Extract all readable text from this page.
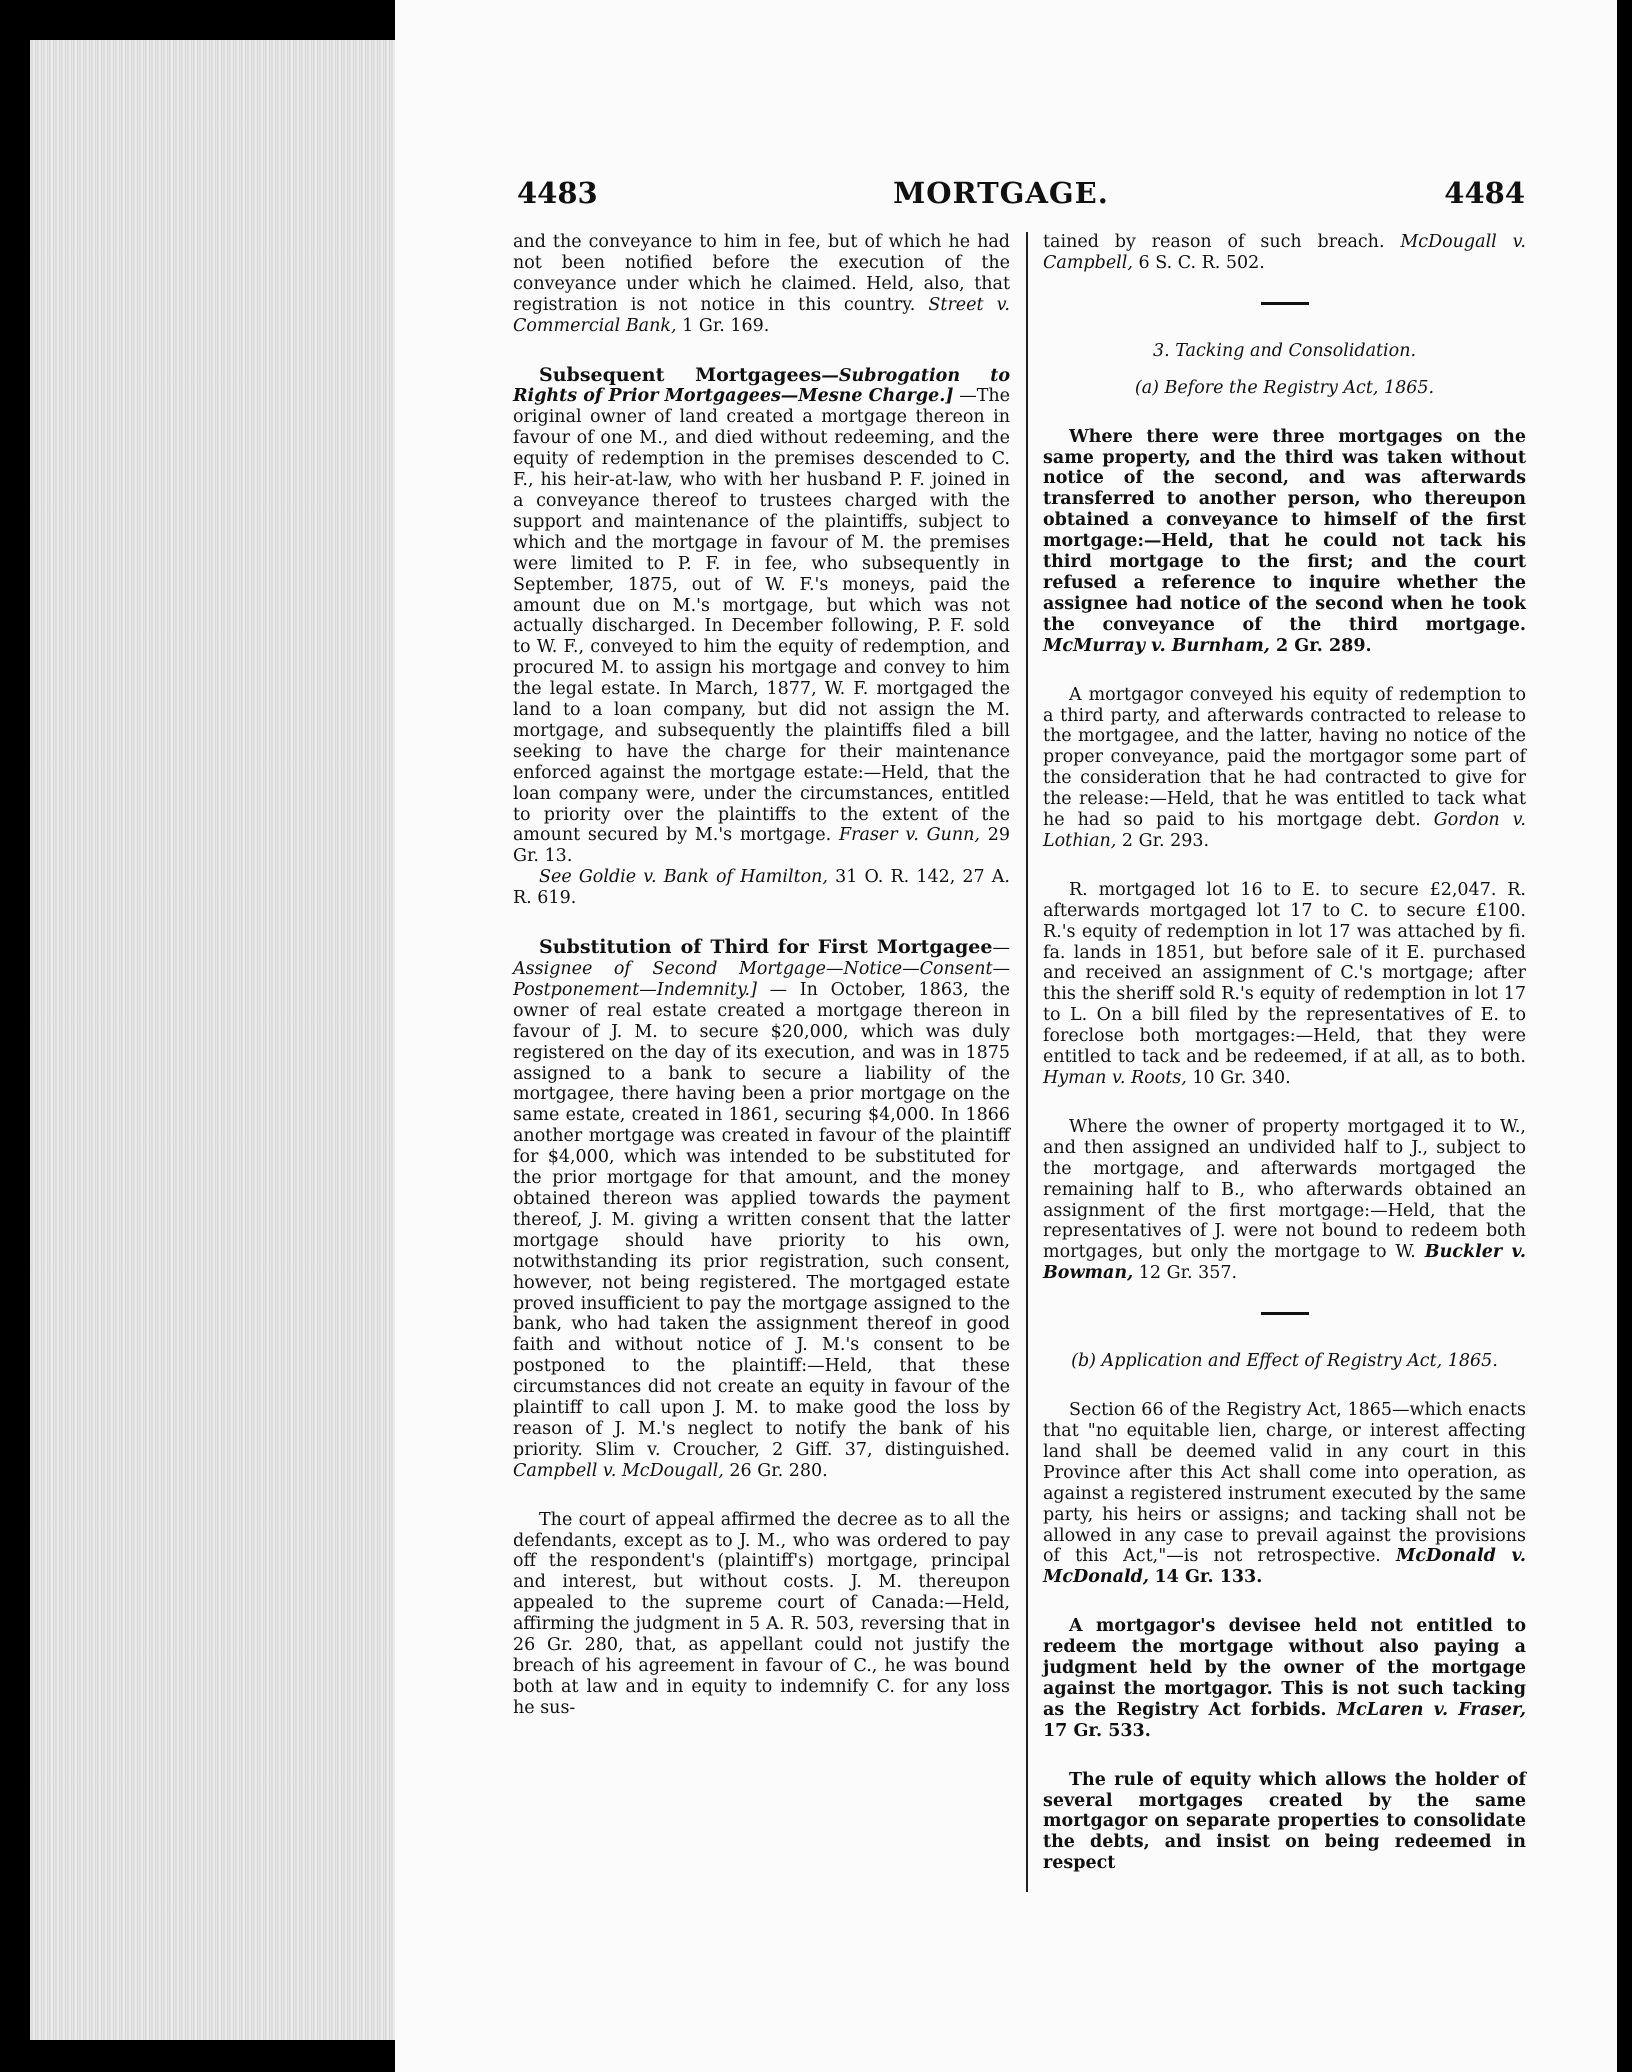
4483	MORTGAGE.	4484

and the conveyance to him in fee, but of which he had not been notified before the execution of the conveyance under which he claimed. Held, also, that registration is not notice in this country. Street v. Commercial Bank, 1 Gr. 169.

Subsequent Mortgagees—Subrogation to Rights of Prior Mortgagees—Mesne Charge.] —The original owner of land created a mortgage thereon in favour of one M., and died without redeeming, and the equity of redemption in the premises descended to C. F., his heir-at-law, who with her husband P. F. joined in a conveyance thereof to trustees charged with the support and maintenance of the plaintiffs, subject to which and the mortgage in favour of M. the premises were limited to P. F. in fee, who subsequently in September, 1875, out of W. F.'s moneys, paid the amount due on M.'s mortgage, but which was not actually discharged. In December following, P. F. sold to W. F., conveyed to him the equity of redemption, and procured M. to assign his mortgage and convey to him the legal estate. In March, 1877, W. F. mortgaged the land to a loan company, but did not assign the M. mortgage, and subsequently the plaintiffs filed a bill seeking to have the charge for their maintenance enforced against the mortgage estate:—Held, that the loan company were, under the circumstances, entitled to priority over the plaintiffs to the extent of the amount secured by M.'s mortgage. Fraser v. Gunn, 29 Gr. 13.

See Goldie v. Bank of Hamilton, 31 O. R. 142, 27 A. R. 619.

Substitution of Third for First Mortgagee—Assignee of Second Mortgage—Notice—Consent—Postponement—Indemnity.] — In October, 1863, the owner of real estate created a mortgage thereon in favour of J. M. to secure $20,000, which was duly registered on the day of its execution, and was in 1875 assigned to a bank to secure a liability of the mortgagee, there having been a prior mortgage on the same estate, created in 1861, securing $4,000. In 1866 another mortgage was created in favour of the plaintiff for $4,000, which was intended to be substituted for the prior mortgage for that amount, and the money obtained thereon was applied towards the payment thereof, J. M. giving a written consent that the latter mortgage should have priority to his own, notwithstanding its prior registration, such consent, however, not being registered. The mortgaged estate proved insufficient to pay the mortgage assigned to the bank, who had taken the assignment thereof in good faith and without notice of J. M.'s consent to be postponed to the plaintiff:—Held, that these circumstances did not create an equity in favour of the plaintiff to call upon J. M. to make good the loss by reason of J. M.'s neglect to notify the bank of his priority. Slim v. Croucher, 2 Giff. 37, distinguished. Campbell v. McDougall, 26 Gr. 280.

The court of appeal affirmed the decree as to all the defendants, except as to J. M., who was ordered to pay off the respondent's (plaintiff's) mortgage, principal and interest, but without costs. J. M. thereupon appealed to the supreme court of Canada:—Held, affirming the judgment in 5 A. R. 503, reversing that in 26 Gr. 280, that, as appellant could not justify the breach of his agreement in favour of C., he was bound both at law and in equity to indemnify C. for any loss he sus-

tained by reason of such breach. McDougall v. Campbell, 6 S. C. R. 502.

3. Tacking and Consolidation.
(a) Before the Registry Act, 1865.

Where there were three mortgages on the same property, and the third was taken without notice of the second, and was afterwards transferred to another person, who thereupon obtained a conveyance to himself of the first mortgage:—Held, that he could not tack his third mortgage to the first; and the court refused a reference to inquire whether the assignee had notice of the second when he took the conveyance of the third mortgage. McMurray v. Burnham, 2 Gr. 289.

A mortgagor conveyed his equity of redemption to a third party, and afterwards contracted to release to the mortgagee, and the latter, having no notice of the proper conveyance, paid the mortgagor some part of the consideration that he had contracted to give for the release:—Held, that he was entitled to tack what he had so paid to his mortgage debt. Gordon v. Lothian, 2 Gr. 293.

R. mortgaged lot 16 to E. to secure £2,047. R. afterwards mortgaged lot 17 to C. to secure £100. R.'s equity of redemption in lot 17 was attached by fi. fa. lands in 1851, but before sale of it E. purchased and received an assignment of C.'s mortgage; after this the sheriff sold R.'s equity of redemption in lot 17 to L. On a bill filed by the representatives of E. to foreclose both mortgages:—Held, that they were entitled to tack and be redeemed, if at all, as to both. Hyman v. Roots, 10 Gr. 340.

Where the owner of property mortgaged it to W., and then assigned an undivided half to J., subject to the mortgage, and afterwards mortgaged the remaining half to B., who afterwards obtained an assignment of the first mortgage:—Held, that the representatives of J. were not bound to redeem both mortgages, but only the mortgage to W. Buckler v. Bowman, 12 Gr. 357.

(b) Application and Effect of Registry Act, 1865.

Section 66 of the Registry Act, 1865—which enacts that "no equitable lien, charge, or interest affecting land shall be deemed valid in any court in this Province after this Act shall come into operation, as against a registered instrument executed by the same party, his heirs or assigns; and tacking shall not be allowed in any case to prevail against the provisions of this Act,"—is not retrospective. McDonald v. McDonald, 14 Gr. 133.

A mortgagor's devisee held not entitled to redeem the mortgage without also paying a judgment held by the owner of the mortgage against the mortgagor. This is not such tacking as the Registry Act forbids. McLaren v. Fraser, 17 Gr. 533.

The rule of equity which allows the holder of several mortgages created by the same mortgagor on separate properties to consolidate the debts, and insist on being redeemed in respect
